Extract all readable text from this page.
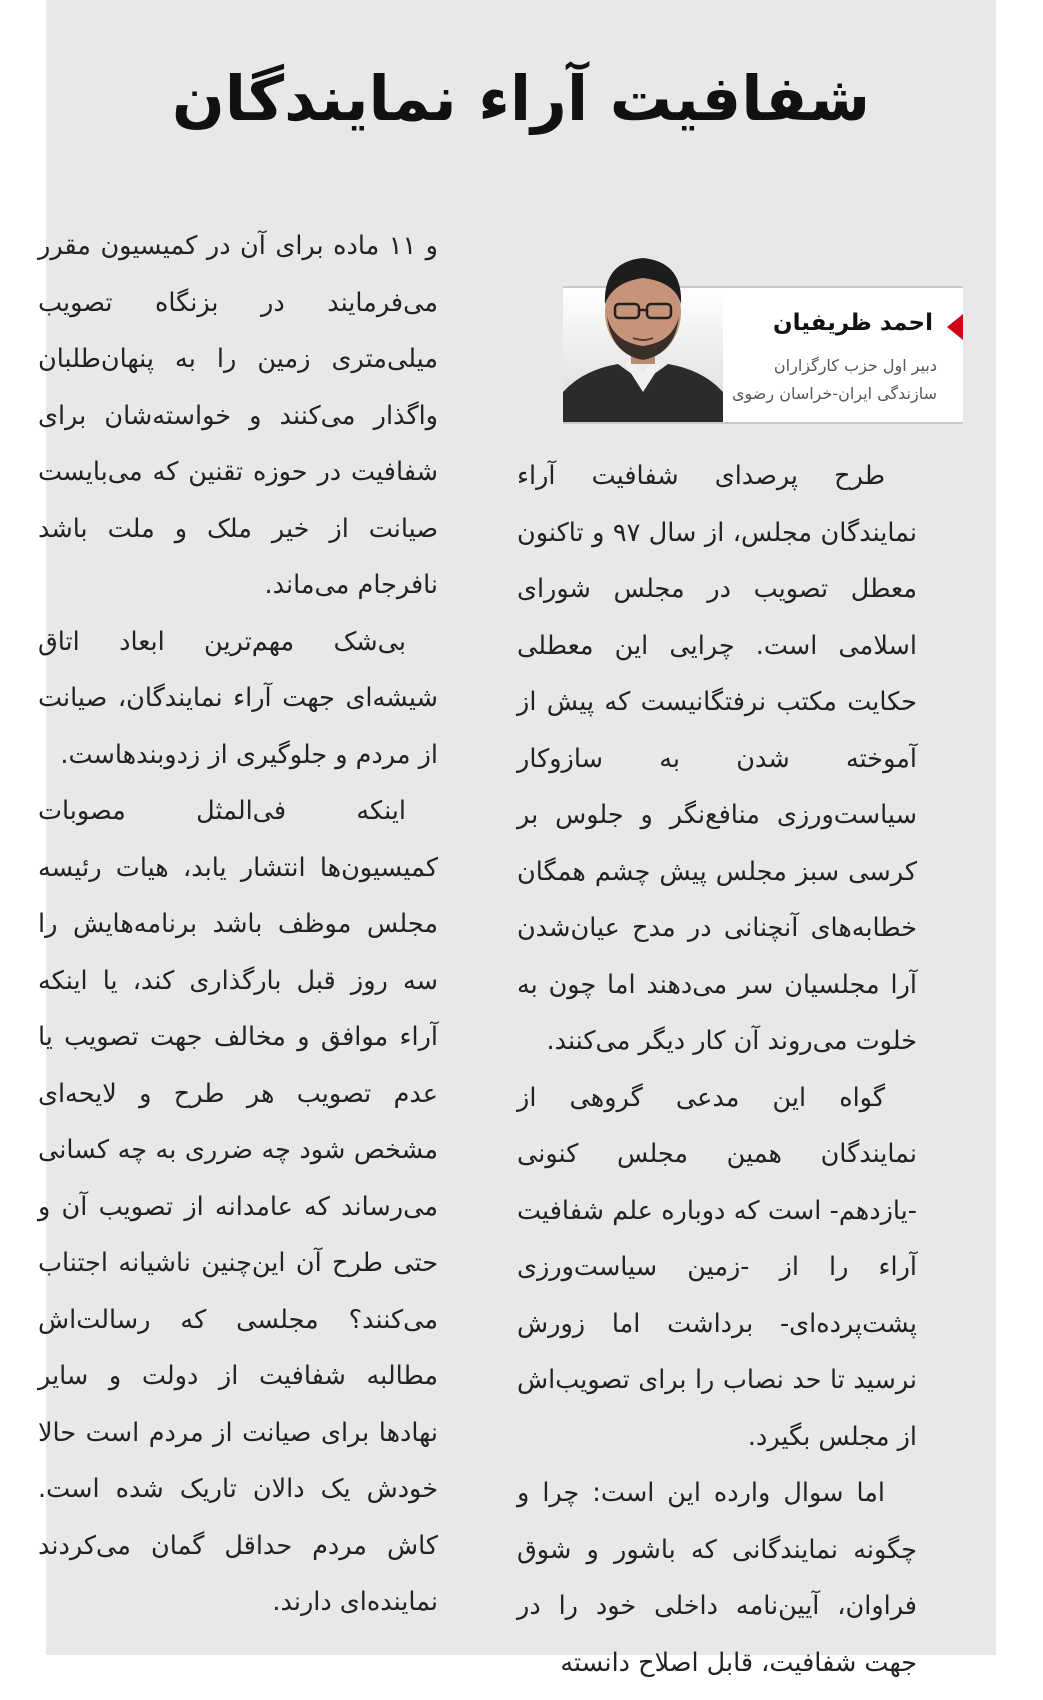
شفافیت آراء نمایندگان
احمد ظریفیان
دبیر اول حزب کارگزاران
سازندگی ایران-خراسان رضوی

طرح پرصدای شفافیت آراء نمایندگان مجلس، از سال ۹۷ و تاکنون معطل تصویب در مجلس شورای اسلامی است. چرایی این معطلی حکایت مکتب نرفتگانیست که پیش از آموخته شدن به سازوکار سیاست‌ورزی منافع‌نگر و جلوس بر کرسی سبز مجلس پیش چشم همگان خطابه‌های آنچنانی در مدح عیان‌شدن آرا مجلسیان سر می‌دهند اما چون به خلوت می‌روند آن کار دیگر می‌کنند.

گواه این مدعی گروهی از نمایندگان همین مجلس کنونی -یازدهم- است که دوباره علم شفافیت آراء را از -زمین سیاست‌ورزی پشت‌پرده‌ای- برداشت اما زورش نرسید تا حد نصاب را برای تصویب‌اش از مجلس بگیرد.

اما سوال وارده این است: چرا و چگونه نمایندگانی که باشور و شوق فراوان، آیین‌نامه داخلی خود را در جهت شفافیت، قابل اصلاح دانسته

و ۱۱ ماده برای آن در کمیسیون مقرر می‌فرمایند در بزنگاه تصویب میلی‌متری زمین را به پنهان‌طلبان واگذار می‌کنند و خواسته‌شان برای شفافیت در حوزه تقنین که می‌بایست صیانت از خیر ملک و ملت باشد نافرجام می‌ماند.

بی‌شک مهم‌ترین ابعاد اتاق شیشه‌ای جهت آراء نمایندگان، صیانت از مردم و جلوگیری از زدوبندهاست.

اینکه فی‌المثل مصوبات کمیسیون‌ها انتشار یابد، هیات رئیسه مجلس موظف باشد برنامه‌هایش را سه روز قبل بارگذاری کند، یا اینکه آراء موافق و مخالف جهت تصویب یا عدم تصویب هر طرح و لایحه‌ای مشخص شود چه ضرری به چه کسانی می‌رساند که عامدانه از تصویب آن و حتی طرح آن این‌چنین ناشیانه اجتناب می‌کنند؟ مجلسی که رسالت‌اش مطالبه شفافیت از دولت و سایر نهادها برای صیانت از مردم است حالا خودش یک دالان تاریک شده است. کاش مردم حداقل گمان می‌کردند نماینده‌ای دارند.
